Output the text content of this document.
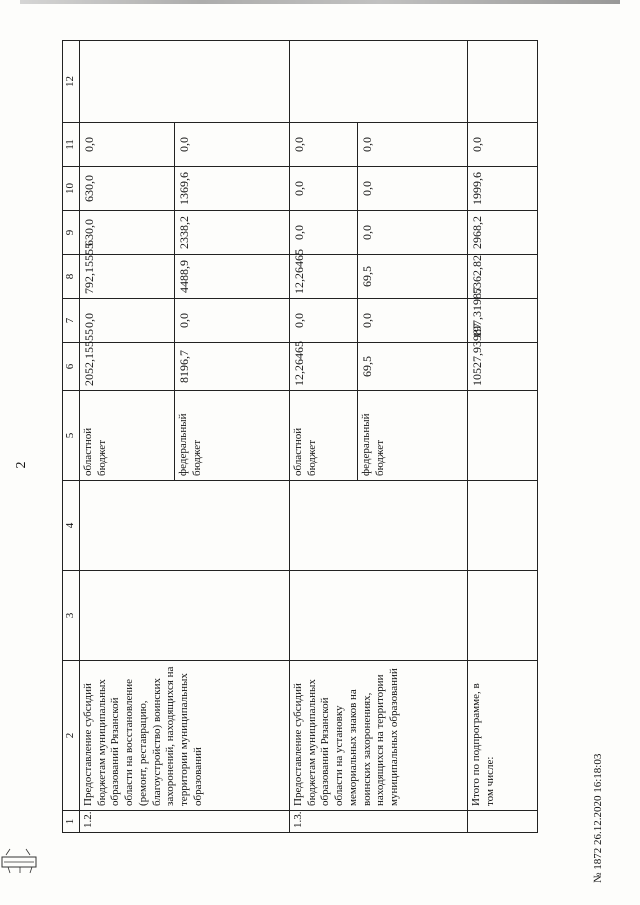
2
1	2	3	4	5	6	7	8	9	10	11	12
1.2.	Предоставление субсидий бюджетам муниципальных образований Рязанской области на восстановление (ремонт, реставрацию, благоустройство) воинских захоронений, находящихся на территории муниципальных образований			областной бюджет	2052,15555	0,0	792,15555	630,0	630,0	0,0	
				федеральный бюджет	8196,7	0,0	4488,9	2338,2	1369,6	0,0	
1.3.	Предоставление субсидий бюджетам муниципальных образований Рязанской области на установку мемориальных знаков на воинских захоронениях, находящихся на территории муниципальных образований			областной бюджет	12,26465	0,0	12,26465	0,0	0,0	0,0	
				федеральный бюджет	69,5	0,0	69,5	0,0	0,0	0,0	
	Итого по подпрограмме, в том числе:				10527,93987	197,31987	5362,82	2968,2	1999,6	0,0	
№ 1872 26.12.2020 16:18:03
